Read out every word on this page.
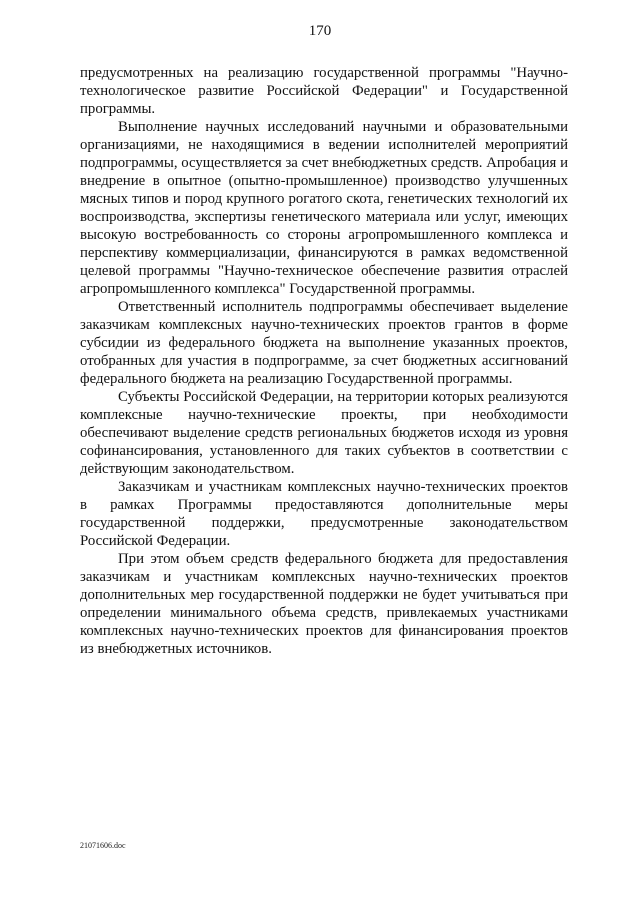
170

предусмотренных на реализацию государственной программы "Научно-технологическое развитие Российской Федерации" и Государственной программы.

Выполнение научных исследований научными и образовательными организациями, не находящимися в ведении исполнителей мероприятий подпрограммы, осуществляется за счет внебюджетных средств. Апробация и внедрение в опытное (опытно-промышленное) производство улучшенных мясных типов и пород крупного рогатого скота, генетических технологий их воспроизводства, экспертизы генетического материала или услуг, имеющих высокую востребованность со стороны агропромышленного комплекса и перспективу коммерциализации, финансируются в рамках ведомственной целевой программы "Научно-техническое обеспечение развития отраслей агропромышленного комплекса" Государственной программы.

Ответственный исполнитель подпрограммы обеспечивает выделение заказчикам комплексных научно-технических проектов грантов в форме субсидии из федерального бюджета на выполнение указанных проектов, отобранных для участия в подпрограмме, за счет бюджетных ассигнований федерального бюджета на реализацию Государственной программы.

Субъекты Российской Федерации, на территории которых реализуются комплексные научно-технические проекты, при необходимости обеспечивают выделение средств региональных бюджетов исходя из уровня софинансирования, установленного для таких субъектов в соответствии с действующим законодательством.

Заказчикам и участникам комплексных научно-технических проектов в рамках Программы предоставляются дополнительные меры государственной поддержки, предусмотренные законодательством Российской Федерации.

При этом объем средств федерального бюджета для предоставления заказчикам и участникам комплексных научно-технических проектов дополнительных мер государственной поддержки не будет учитываться при определении минимального объема средств, привлекаемых участниками комплексных научно-технических проектов для финансирования проектов из внебюджетных источников.

21071606.doc
